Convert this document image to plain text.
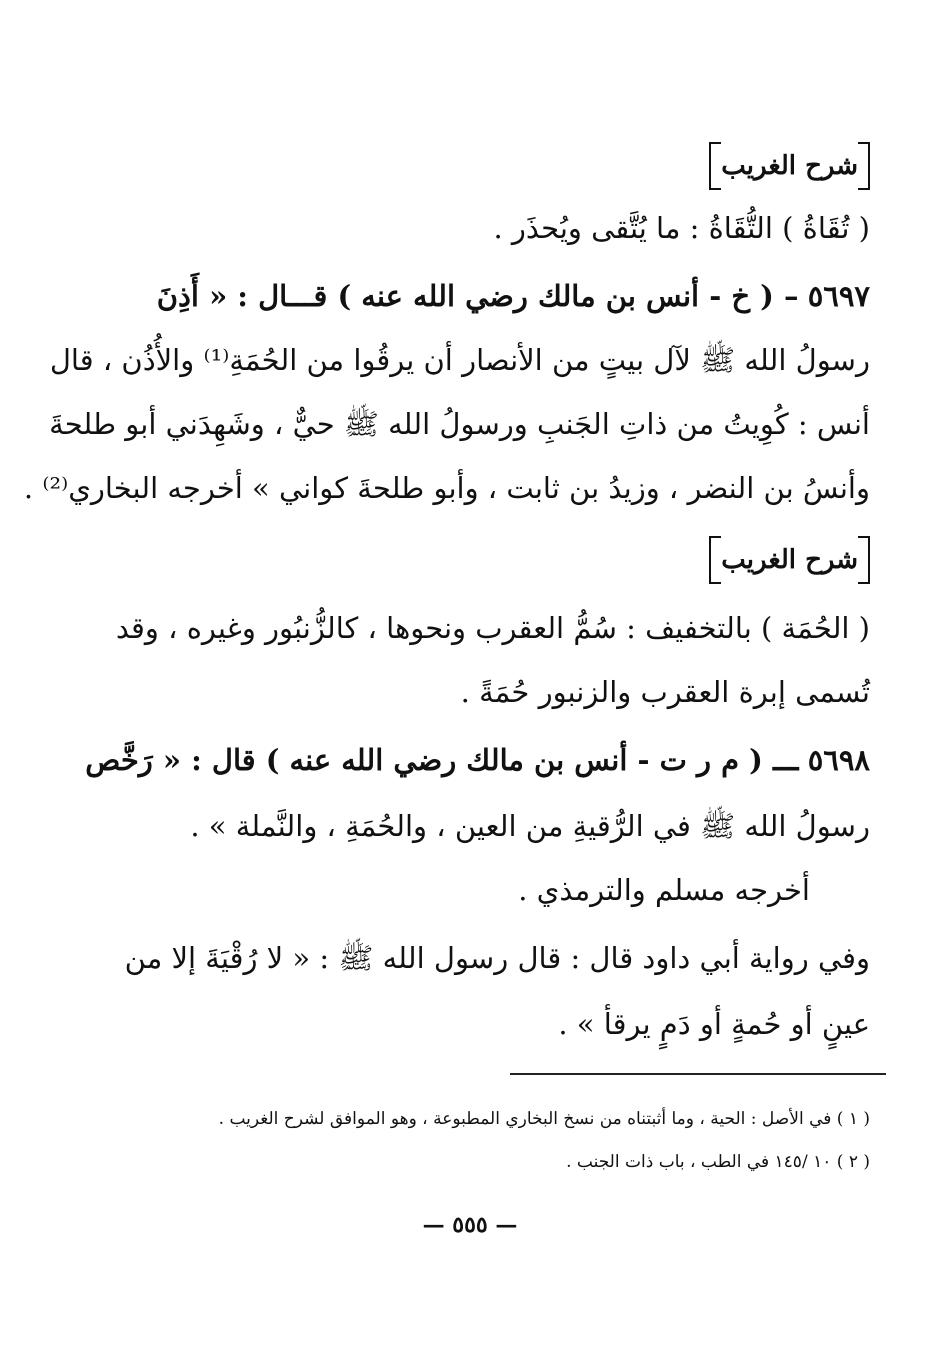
شرح الغريب
( تُقَاةُ ) التُّقَاةُ : ما يُتَّقى ويُحذَر .
٥٦٩٧ – ( خ - أنس بن مالك رضي الله عنه ) قـــال : « أَذِنَ
رسولُ الله ﷺ لآل بيتٍ من الأنصار أن يرقُوا من الحُمَةِ⁽¹⁾ والأُذُن ، قال
أنس : كُوِيتُ من ذاتِ الجَنبِ ورسولُ الله ﷺ حيٌّ ، وشَهِدَني أبو طلحةَ
وأنسُ بن النضر ، وزيدُ بن ثابت ، وأبو طلحةَ كواني » أخرجه البخاري⁽²⁾ .
شرح الغريب
( الحُمَة ) بالتخفيف : سُمُّ العقرب ونحوها ، كالزُّنبُور وغيره ، وقد
تُسمى إبرة العقرب والزنبور حُمَةً .
٥٦٩٨ ـــ ( م ر ت - أنس بن مالك رضي الله عنه ) قال : « رَخَّص
رسولُ الله ﷺ في الرُّقيةِ من العين ، والحُمَةِ ، والنَّملة » .
أخرجه مسلم والترمذي .
وفي رواية أبي داود قال : قال رسول الله ﷺ : « لا رُقْيَةَ إلا من
عينٍ أو حُمةٍ أو دَمٍ يرقأ » .
( ١ ) في الأصل : الحية ، وما أثبتناه من نسخ البخاري المطبوعة ، وهو الموافق لشرح الغريب .
( ٢ ) ١٠ /١٤٥ في الطب ، باب ذات الجنب .
— ٥٥٥ —
